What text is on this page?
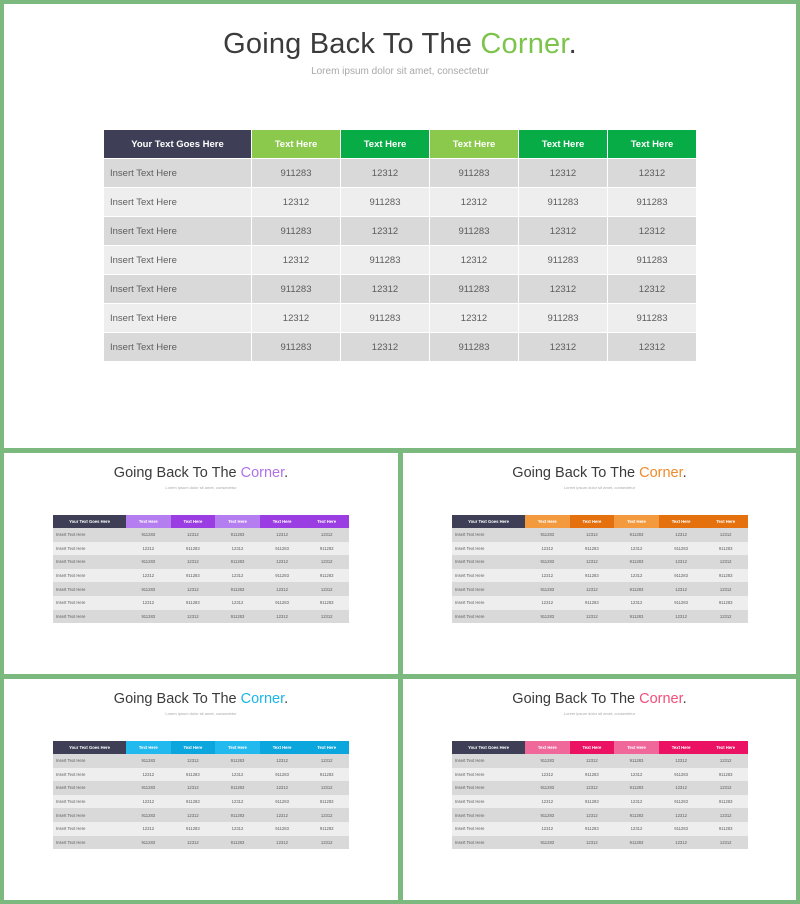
Going Back To The Corner.
Lorem ipsum dolor sit amet, consectetur
Your Text Goes Here	Text Here	Text Here	Text Here	Text Here	Text Here
Insert Text Here	911283	12312	911283	12312	12312
Insert Text Here	12312	911283	12312	911283	911283
Insert Text Here	911283	12312	911283	12312	12312
Insert Text Here	12312	911283	12312	911283	911283
Insert Text Here	911283	12312	911283	12312	12312
Insert Text Here	12312	911283	12312	911283	911283
Insert Text Here	911283	12312	911283	12312	12312
Going Back To The Corner.
Lorem ipsum dolor sit amet, consectetur
Your Text Goes Here	Text Here	Text Here	Text Here	Text Here	Text Here
Insert Text Here	911283	12312	911283	12312	12312
Insert Text Here	12312	911283	12312	911283	911283
Insert Text Here	911283	12312	911283	12312	12312
Insert Text Here	12312	911283	12312	911283	911283
Insert Text Here	911283	12312	911283	12312	12312
Insert Text Here	12312	911283	12312	911283	911283
Insert Text Here	911283	12312	911283	12312	12312
Going Back To The Corner.
Lorem ipsum dolor sit amet, consectetur
Your Text Goes Here	Text Here	Text Here	Text Here	Text Here	Text Here
Insert Text Here	911283	12312	911283	12312	12312
Insert Text Here	12312	911283	12312	911283	911283
Insert Text Here	911283	12312	911283	12312	12312
Insert Text Here	12312	911283	12312	911283	911283
Insert Text Here	911283	12312	911283	12312	12312
Insert Text Here	12312	911283	12312	911283	911283
Insert Text Here	911283	12312	911283	12312	12312
Going Back To The Corner.
Lorem ipsum dolor sit amet, consectetur
Your Text Goes Here	Text Here	Text Here	Text Here	Text Here	Text Here
Insert Text Here	911283	12312	911283	12312	12312
Insert Text Here	12312	911283	12312	911283	911283
Insert Text Here	911283	12312	911283	12312	12312
Insert Text Here	12312	911283	12312	911283	911283
Insert Text Here	911283	12312	911283	12312	12312
Insert Text Here	12312	911283	12312	911283	911283
Insert Text Here	911283	12312	911283	12312	12312
Going Back To The Corner.
Lorem ipsum dolor sit amet, consectetur
Your Text Goes Here	Text Here	Text Here	Text Here	Text Here	Text Here
Insert Text Here	911283	12312	911283	12312	12312
Insert Text Here	12312	911283	12312	911283	911283
Insert Text Here	911283	12312	911283	12312	12312
Insert Text Here	12312	911283	12312	911283	911283
Insert Text Here	911283	12312	911283	12312	12312
Insert Text Here	12312	911283	12312	911283	911283
Insert Text Here	911283	12312	911283	12312	12312
